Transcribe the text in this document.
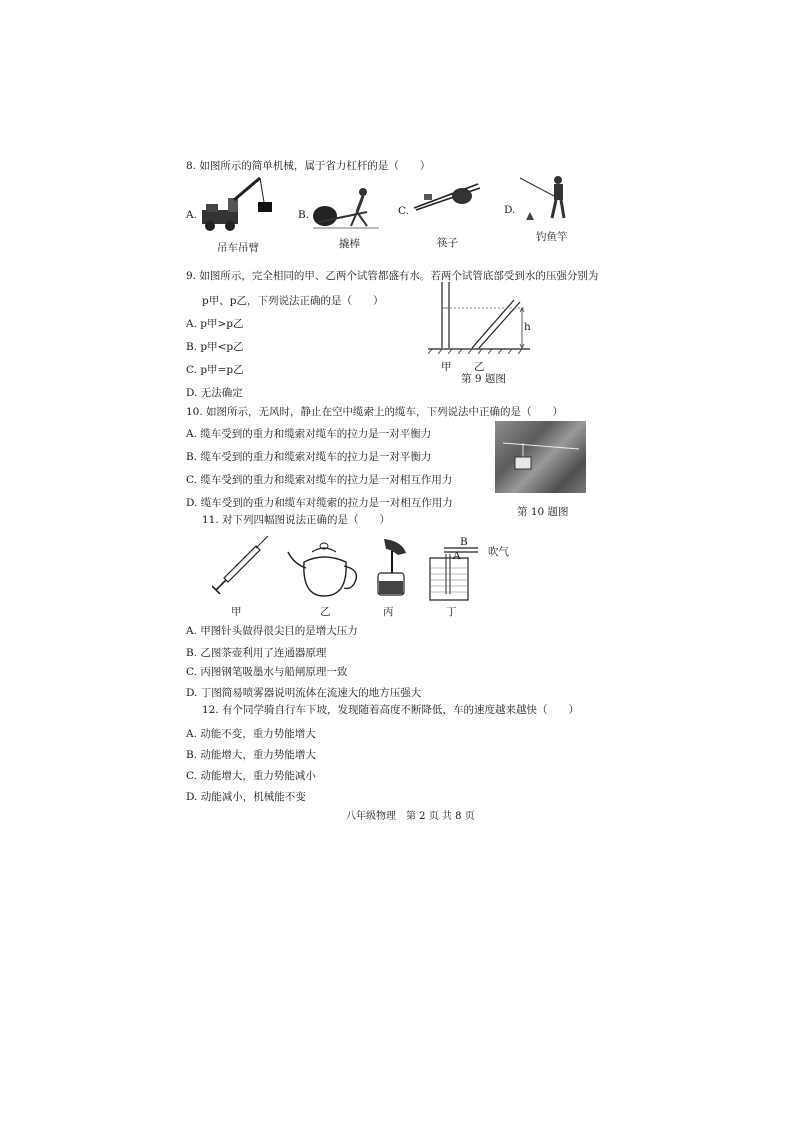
8. 如图所示的简单机械，属于省力杠杆的是（　　）
A.
吊车吊臂
B.
撬棒
C.
筷子
D.
钓鱼竿
9. 如图所示，完全相同的甲、乙两个试管都盛有水。若两个试管底部受到水的压强分别为
p甲、p乙，下列说法正确的是（　　）
A. p甲>p乙
B. p甲<p乙
C. p甲=p乙
D. 无法确定
h
甲 乙
第 9 题图
10. 如图所示，无风时，静止在空中缆索上的缆车，下列说法中正确的是（　　）
A. 缆车受到的重力和缆索对缆车的拉力是一对平衡力
B. 缆车受到的重力和缆索对缆车的拉力是一对平衡力
C. 缆车受到的重力和缆索对缆车的拉力是一对相互作用力
D. 缆车受到的重力和缆车对缆索的拉力是一对相互作用力
第 10 题图
11. 对下列四幅图说法正确的是（　　）
甲	乙	丙
B
A	吹气
丁
A. 甲图针头做得很尖目的是增大压力
B. 乙图茶壶利用了连通器原理
C. 丙图钢笔吸墨水与船闸原理一致
D. 丁图简易喷雾器说明流体在流速大的地方压强大
12. 有个同学骑自行车下坡，发现随着高度不断降低，车的速度越来越快（　　）
A. 动能不变，重力势能增大
B. 动能增大，重力势能增大
C. 动能增大，重力势能减小
D. 动能减小，机械能不变
八年级物理　第 2 页 共 8 页
